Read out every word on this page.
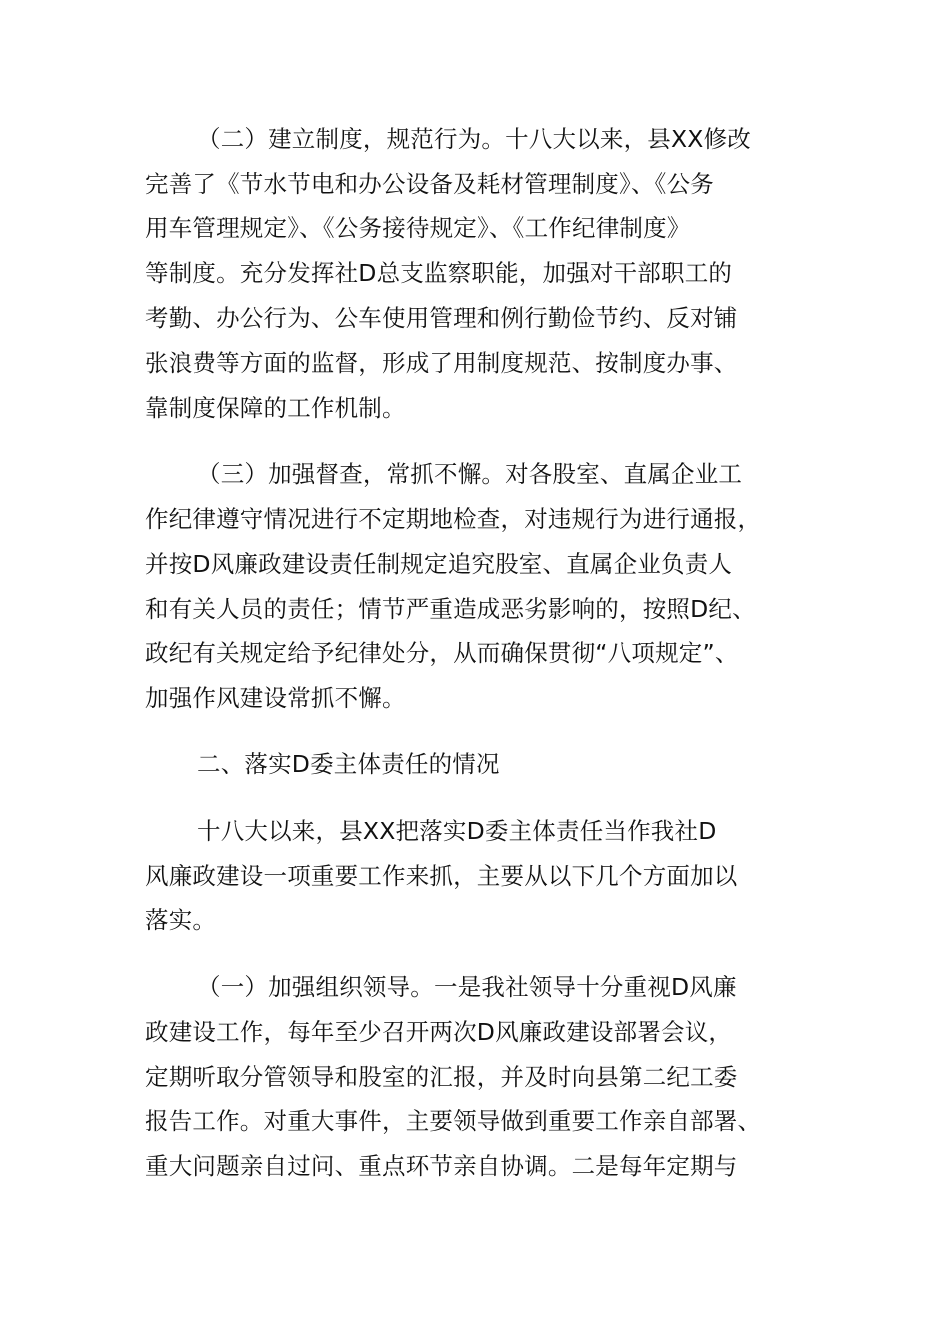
（二）建立制度，规范行为。十八大以来，县XX修改
完善了《节水节电和办公设备及耗材管理制度》、《公务
用车管理规定》、《公务接待规定》、《工作纪律制度》
等制度。充分发挥社D总支监察职能，加强对干部职工的
考勤、办公行为、公车使用管理和例行勤俭节约、反对铺
张浪费等方面的监督，形成了用制度规范、按制度办事、
靠制度保障的工作机制。
（三）加强督查，常抓不懈。对各股室、直属企业工
作纪律遵守情况进行不定期地检查，对违规行为进行通报，
并按D风廉政建设责任制规定追究股室、直属企业负责人
和有关人员的责任；情节严重造成恶劣影响的，按照D纪、
政纪有关规定给予纪律处分，从而确保贯彻“八项规定”、
加强作风建设常抓不懈。
二、落实D委主体责任的情况
十八大以来，县XX把落实D委主体责任当作我社D
风廉政建设一项重要工作来抓，主要从以下几个方面加以
落实。
（一）加强组织领导。一是我社领导十分重视D风廉
政建设工作，每年至少召开两次D风廉政建设部署会议，
定期听取分管领导和股室的汇报，并及时向县第二纪工委
报告工作。对重大事件，主要领导做到重要工作亲自部署、
重大问题亲自过问、重点环节亲自协调。二是每年定期与
